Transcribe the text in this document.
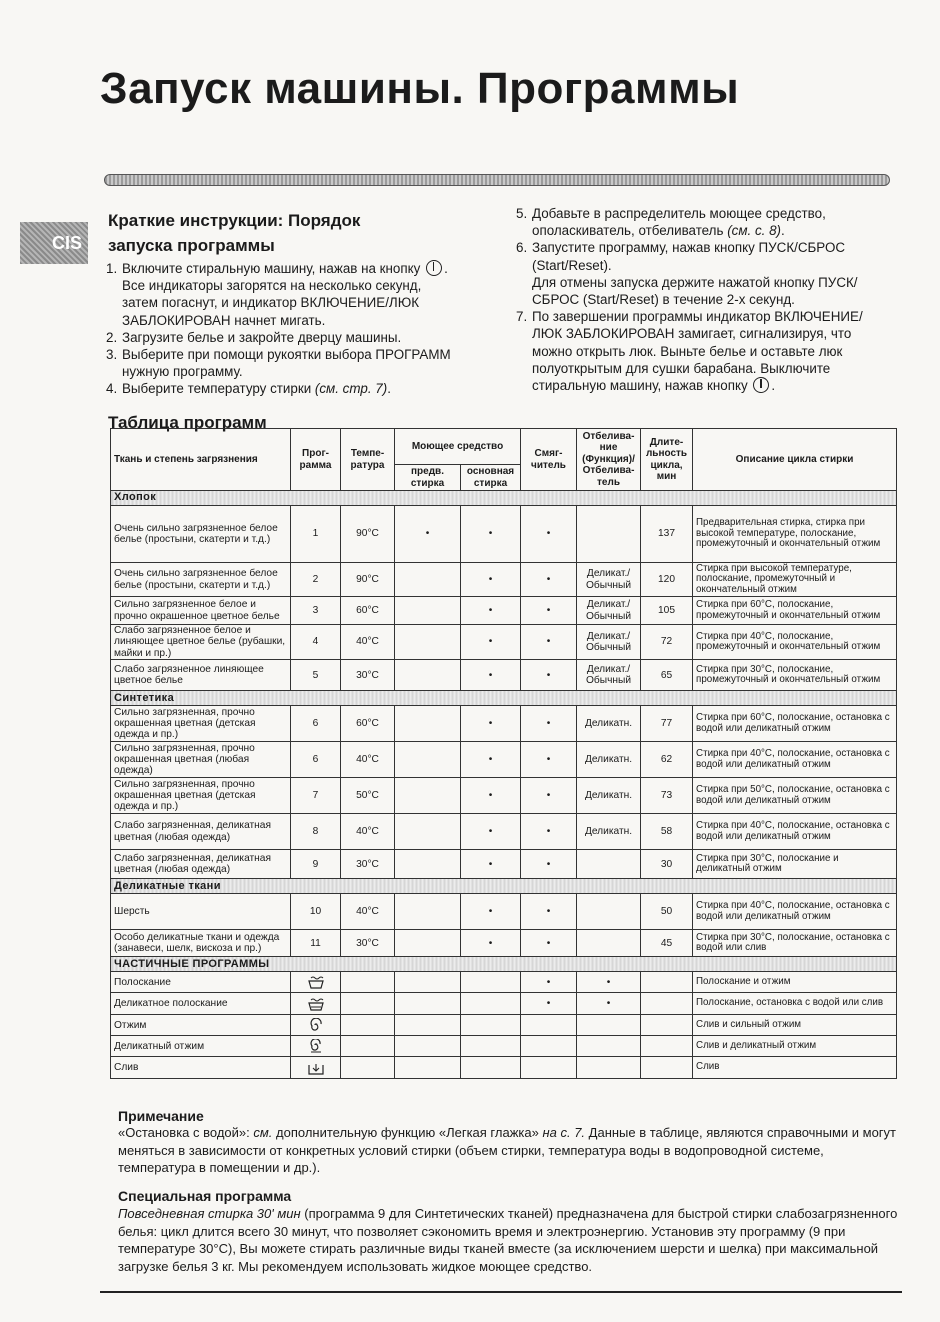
Запуск машины. Программы
CIS
Краткие инструкции: Порядок запуска программы
1. Включите стиральную машину, нажав на кнопку . Все индикаторы загорятся на несколько секунд, затем погаснут, и индикатор ВКЛЮЧЕНИЕ/ЛЮК ЗАБЛОКИРОВАН начнет мигать.
2. Загрузите белье и закройте дверцу машины.
3. Выберите при помощи рукоятки выбора ПРОГРАММ нужную программу.
4. Выберите температуру стирки (см. стр. 7).
5. Добавьте в распределитель моющее средство, ополаскиватель, отбеливатель (см. с. 8).
6. Запустите программу, нажав кнопку ПУСК/СБРОС (Start/Reset).
Для отмены запуска держите нажатой кнопку ПУСК/СБРОС (Start/Reset) в течение 2-х секунд.
7. По завершении программы индикатор ВКЛЮЧЕНИЕ/ЛЮК ЗАБЛОКИРОВАН замигает, сигнализируя, что можно открыть люк. Выньте белье и оставьте люк полуоткрытым для сушки барабана. Выключите стиральную машину, нажав кнопку .
Таблица программ
Ткань и степень загрязнения	Прог-рамма	Темпе-ратура	Моющее средство		Смяг-читель	Отбелива-ние (Функция)/ Отбелива-тель	Длите-льность цикла, мин	Описание цикла стирки
			предв. стирка	основная стирка				
Хлопок								
Очень сильно загрязненное белое белье (простыни, скатерти и т.д.)	1	90°C	•	•	•		137	Предварительная стирка, стирка при высокой температуре, полоскание, промежуточный и окончательный отжим
Очень сильно загрязненное белое белье (простыни, скатерти и т.д.)	2	90°C		•	•	Деликат./ Обычный	120	Стирка при высокой температуре, полоскание, промежуточный и окончательный отжим
Сильно загрязненное белое и прочно окрашенное цветное белье	3	60°C		•	•	Деликат./ Обычный	105	Стирка при 60°C, полоскание, промежуточный и окончательный отжим
Слабо загрязненное белое и линяющее цветное белье (рубашки, майки и пр.)	4	40°C		•	•	Деликат./ Обычный	72	Стирка при 40°C, полоскание, промежуточный и окончательный отжим
Слабо загрязненное линяющее цветное белье	5	30°C		•	•	Деликат./ Обычный	65	Стирка при 30°C, полоскание, промежуточный и окончательный отжим
Синтетика								
Сильно загрязненная, прочно окрашенная цветная (детская одежда и пр.)	6	60°C		•	•	Деликатн.	77	Стирка при 60°C, полоскание, остановка с водой или деликатный отжим
Сильно загрязненная, прочно окрашенная цветная (любая одежда)	6	40°C		•	•	Деликатн.	62	Стирка при 40°C, полоскание, остановка с водой или деликатный отжим
Сильно загрязненная, прочно окрашенная цветная (детская одежда и пр.)	7	50°C		•	•	Деликатн.	73	Стирка при 50°C, полоскание, остановка с водой или деликатный отжим
Слабо загрязненная, деликатная цветная (любая одежда)	8	40°C		•	•	Деликатн.	58	Стирка при 40°C, полоскание, остановка с водой или деликатный отжим
Слабо загрязненная, деликатная цветная (любая одежда)	9	30°C		•	•		30	Стирка при 30°C, полоскание и деликатный отжим
Деликатные ткани								
Шерсть	10	40°C		•	•		50	Стирка при 40°C, полоскание, остановка с водой или деликатный отжим
Особо деликатные ткани и одежда (занавеси, шелк, вискоза и пр.)	11	30°C		•	•		45	Стирка при 30°C, полоскание, остановка с водой или слив
ЧАСТИЧНЫЕ ПРОГРАММЫ								
Полоскание					•	•		Полоскание и отжим
Деликатное полоскание					•	•		Полоскание, остановка с водой или слив
Отжим								Слив и сильный отжим
Деликатный отжим								Слив и деликатный отжим
Слив								Слив
Примечание

«Остановка с водой»: см. дополнительную функцию «Легкая глажка» на с. 7. Данные в таблице, являются справочными и могут меняться в зависимости от конкретных условий стирки (объем стирки, температура воды в водопроводной системе, температура в помещении и др.).

Специальная программа

Повседневная стирка 30' мин (программа 9 для Синтетических тканей) предназначена для быстрой стирки слабозагрязненного белья: цикл длится всего 30 минут, что позволяет сэкономить время и электроэнергию. Установив эту программу (9 при температуре 30°C), Вы можете стирать различные виды тканей вместе (за исключением шерсти и шелка) при максимальной загрузке белья 3 кг. Мы рекомендуем использовать жидкое моющее средство.
